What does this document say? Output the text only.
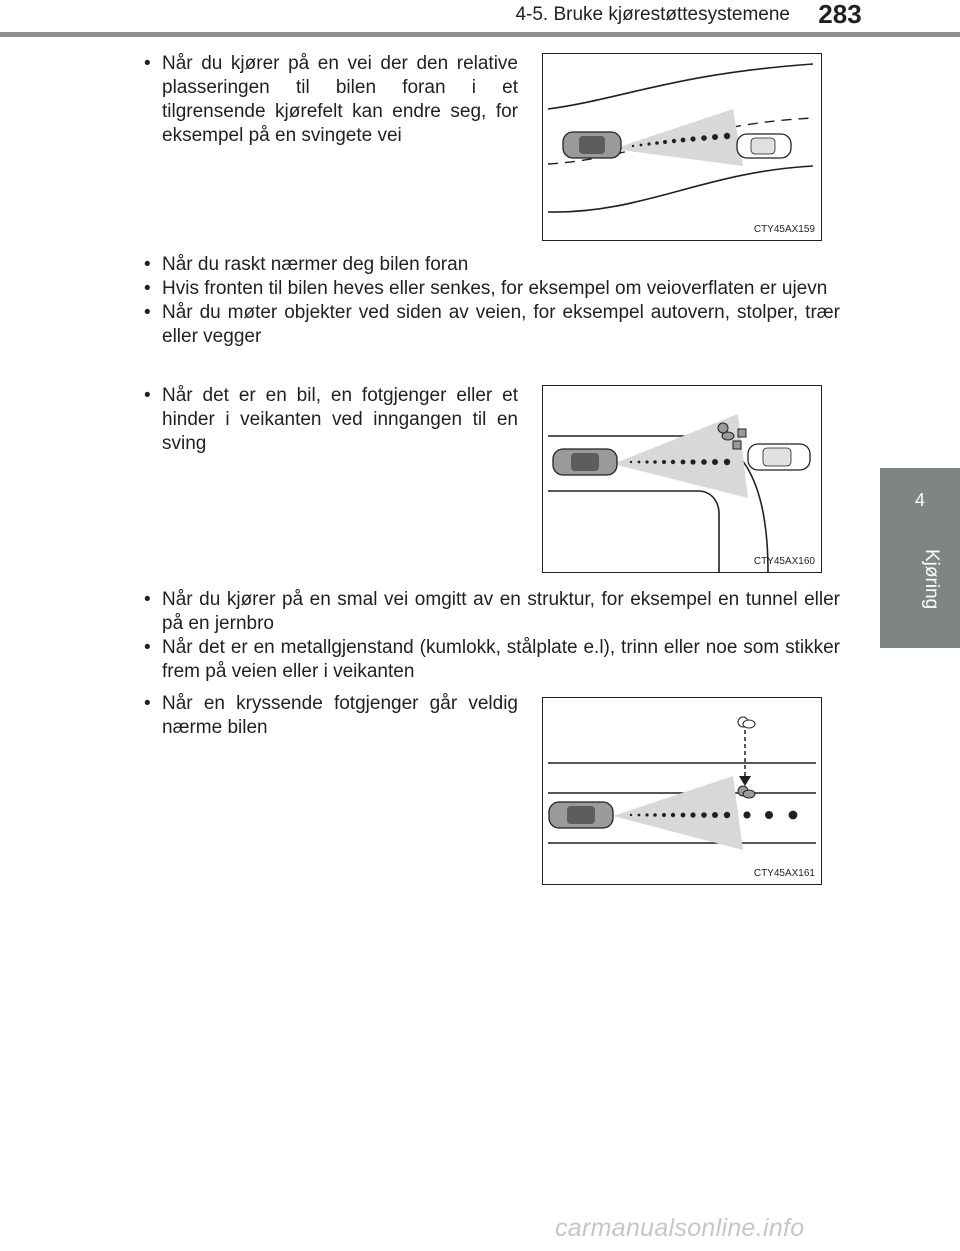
4-5. Bruke kjørestøttesystemene	283
4
Kjøring
• Når du kjører på en vei der den relative plasseringen til bilen foran i et tilgrensende kjørefelt kan endre seg, for eksempel på en svingete vei
• Når du raskt nærmer deg bilen foran
• Hvis fronten til bilen heves eller senkes, for eksempel om veioverflaten er ujevn
• Når du møter objekter ved siden av veien, for eksempel autovern, stolper, trær eller vegger
• Når det er en bil, en fotgjenger eller et hinder i veikanten ved inngangen til en sving
• Når du kjører på en smal vei omgitt av en struktur, for eksempel en tunnel eller på en jernbro
• Når det er en metallgjenstand (kumlokk, stålplate e.l), trinn eller noe som stikker frem på veien eller i veikanten
• Når en kryssende fotgjenger går veldig nærme bilen
CTY45AX159
CTY45AX160
CTY45AX161
carmanualsonline.info
